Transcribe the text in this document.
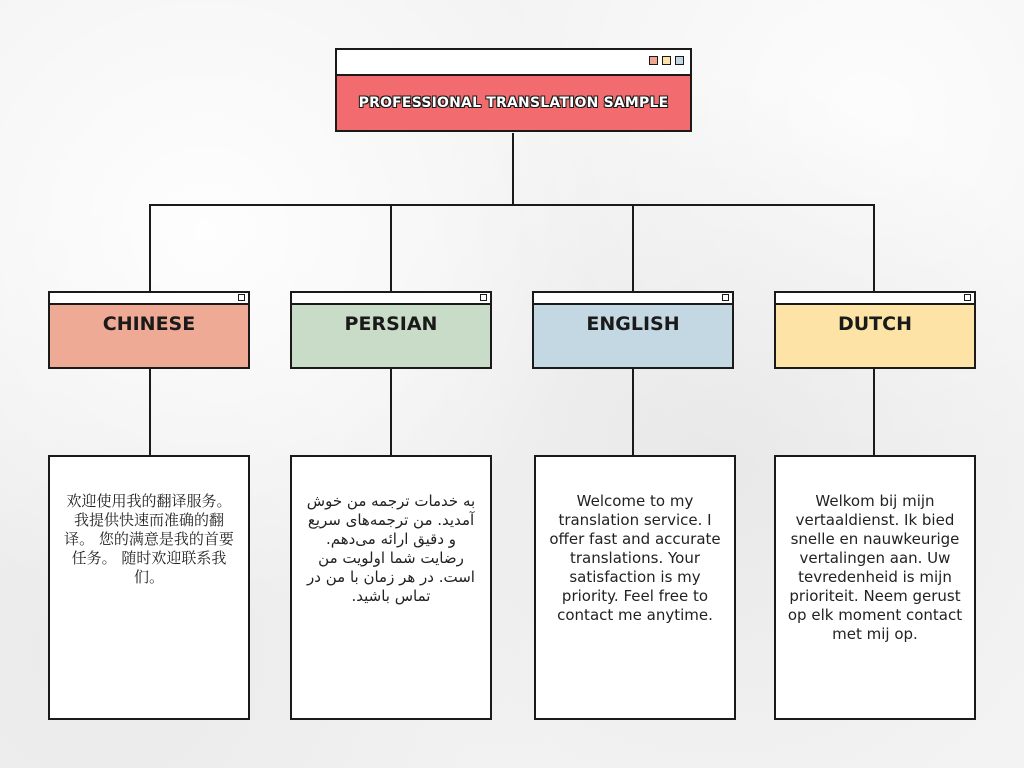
PROFESSIONAL TRANSLATION SAMPLE
CHINESE
欢迎使用我的翻译服务。 我提供快速而准确的翻译。 您的满意是我的首要任务。 随时欢迎联系我们。
PERSIAN
به خدمات ترجمه من خوش آمدید. من ترجمه‌های سریع و دقیق ارائه می‌دهم. رضایت شما اولویت من است. در هر زمان با من در تماس باشید.
ENGLISH
Welcome to my translation service. I offer fast and accurate translations. Your satisfaction is my priority. Feel free to contact me anytime.
DUTCH
Welkom bij mijn vertaaldienst. Ik bied snelle en nauwkeurige vertalingen aan. Uw tevredenheid is mijn prioriteit. Neem gerust op elk moment contact met mij op.
